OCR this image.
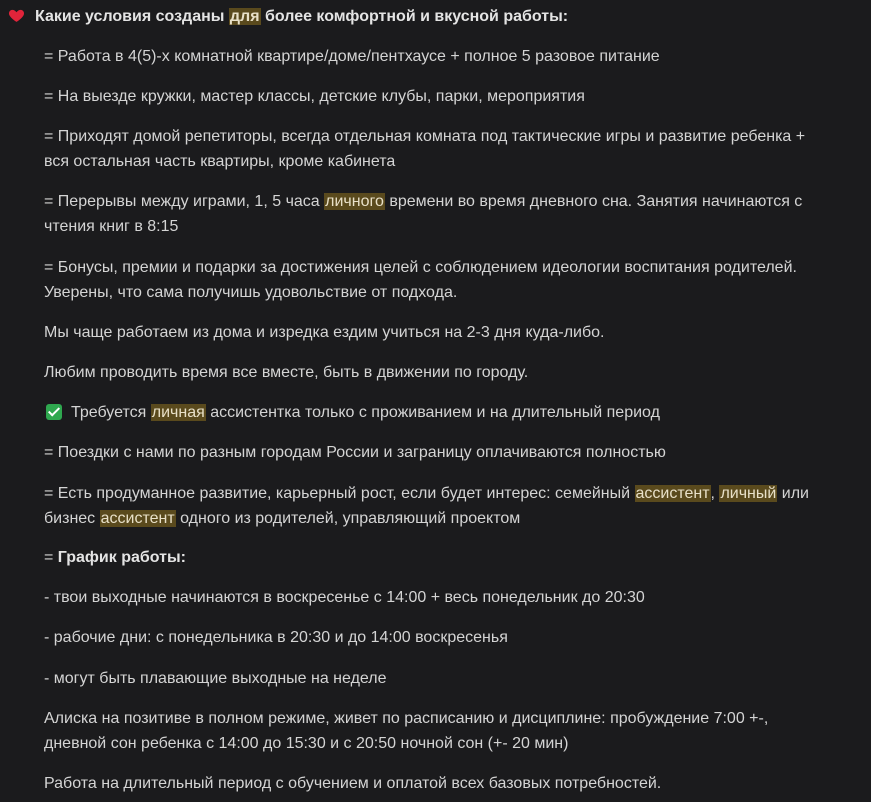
Какие условия созданы для более комфортной и вкусной работы:

= Работа в 4(5)-х комнатной квартире/доме/пентхаусе + полное 5 разовое питание

= На выезде кружки, мастер классы, детские клубы, парки, мероприятия

= Приходят домой репетиторы, всегда отдельная комната под тактические игры и развитие ребенка + вся остальная часть квартиры, кроме кабинета

= Перерывы между играми, 1, 5 часа личного времени во время дневного сна. Занятия начинаются с чтения книг в 8:15

= Бонусы, премии и подарки за достижения целей с соблюдением идеологии воспитания родителей. Уверены, что сама получишь удовольствие от подхода.

Мы чаще работаем из дома и изредка ездим учиться на 2-3 дня куда-либо.

Любим проводить время все вместе, быть в движении по городу.

Требуется личная ассистентка только с проживанием и на длительный период

= Поездки с нами по разным городам России и заграницу оплачиваются полностью

= Есть продуманное развитие, карьерный рост, если будет интерес: семейный ассистент, личный или бизнес ассистент одного из родителей, управляющий проектом

= График работы:

- твои выходные начинаются в воскресенье с 14:00 + весь понедельник до 20:30

- рабочие дни: с понедельника в 20:30 и до 14:00 воскресенья

- могут быть плавающие выходные на неделе

Алиска на позитиве в полном режиме, живет по расписанию и дисциплине: пробуждение 7:00 +-, дневной сон ребенка с 14:00 до 15:30 и с 20:50 ночной сон (+- 20 мин)

Работа на длительный период с обучением и оплатой всех базовых потребностей.
